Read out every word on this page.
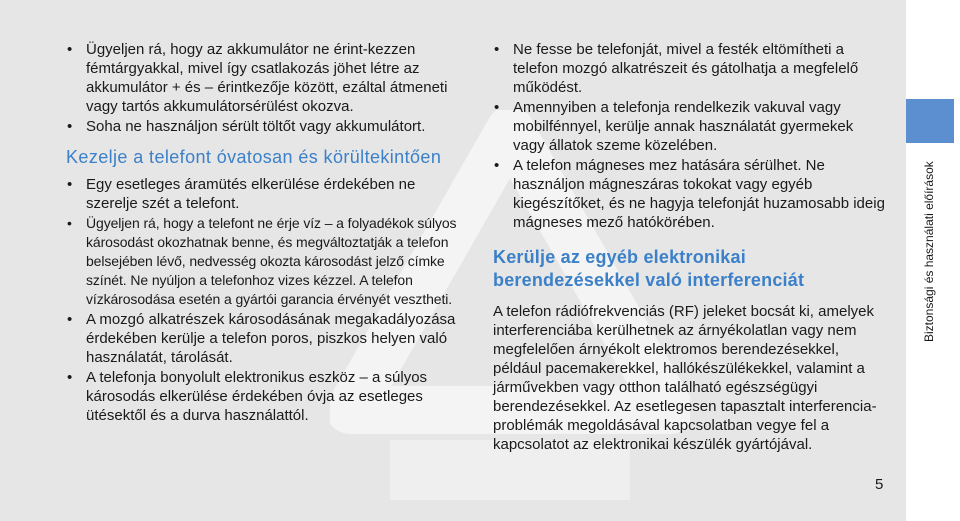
• Ügyeljen rá, hogy az akkumulátor ne érint-kezzen fémtárgyakkal, mivel így csatlakozás jöhet létre az akkumulátor + és – érintkezője között, ezáltal átmeneti vagy tartós akkumulátorsérülést okozva.
• Soha ne használjon sérült töltőt vagy akkumulátort.
Kezelje a telefont óvatosan és körültekintően
• Egy esetleges áramütés elkerülése érdekében ne szerelje szét a telefont.
• Ügyeljen rá, hogy a telefont ne érje víz – a folyadékok súlyos károsodást okozhatnak benne, és megváltoztatják a telefon belsejében lévő, nedvesség okozta károsodást jelző címke színét. Ne nyúljon a telefonhoz vizes kézzel. A telefon vízkárosodása esetén a gyártói garancia érvényét vesztheti.
• A mozgó alkatrészek károsodásának megakadályozása érdekében kerülje a telefon poros, piszkos helyen való használatát, tárolását.
• A telefonja bonyolult elektronikus eszköz – a súlyos károsodás elkerülése érdekében óvja az esetleges ütésektől és a durva használattól.
• Ne fesse be telefonját, mivel a festék eltömítheti a telefon mozgó alkatrészeit és gátolhatja a megfelelő működést.
• Amennyiben a telefonja rendelkezik vakuval vagy mobilfénnyel, kerülje annak használatát gyermekek vagy állatok szeme közelében.
• A telefon mágneses mez hatására sérülhet. Ne használjon mágneszáras tokokat vagy egyéb kiegészítőket, és ne hagyja telefonját huzamosabb ideig mágneses mező hatókörében.
Kerülje az egyéb elektronikai berendezésekkel való interferenciát

A telefon rádiófrekvenciás (RF) jeleket bocsát ki, amelyek interferenciába kerülhetnek az árnyékolatlan vagy nem megfelelően árnyékolt elektromos berendezésekkel, például pacemakerekkel, hallókészülékekkel, valamint a járművekben vagy otthon található egészségügyi berendezésekkel. Az esetlegesen tapasztalt interferencia-problémák megoldásával kapcsolatban vegye fel a kapcsolatot az elektronikai készülék gyártójával.

Biztonsági és használati előírások
5
